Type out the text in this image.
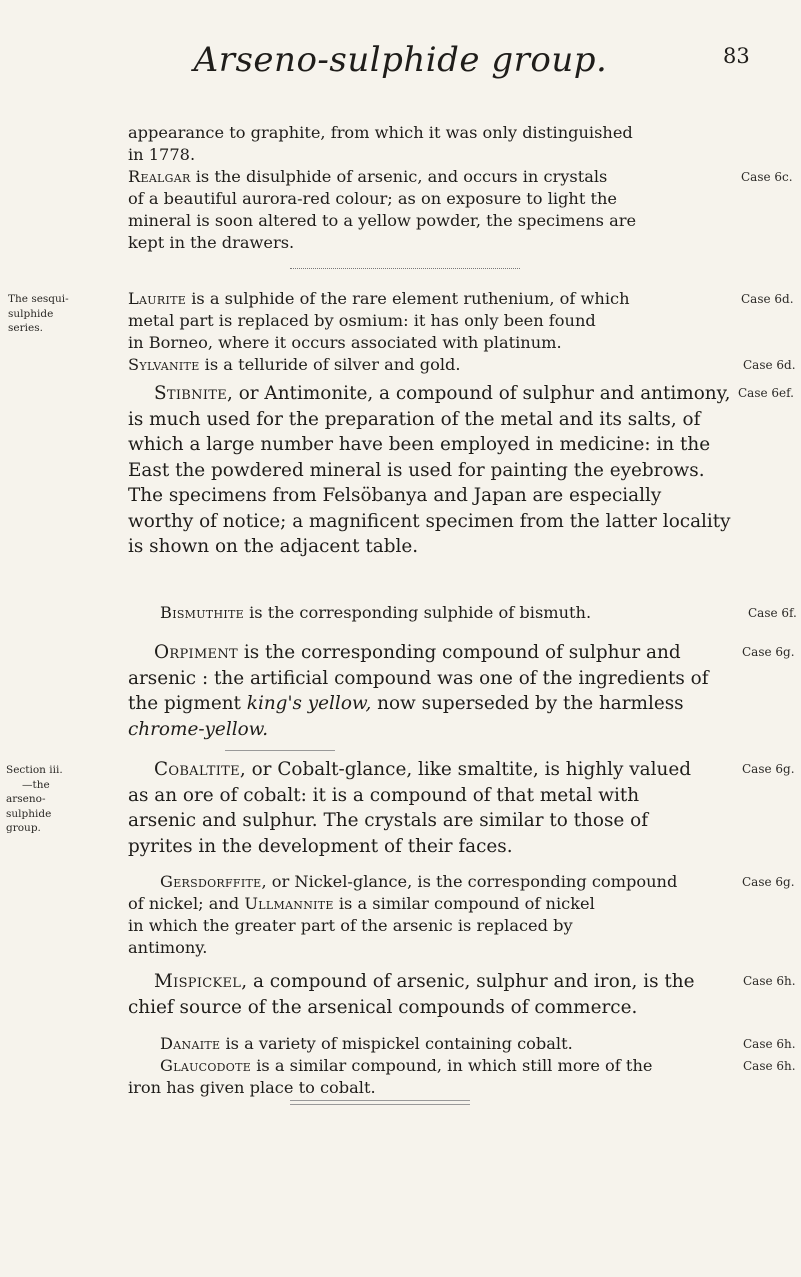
Arseno-sulphide group.	83
appearance to graphite, from which it was only distinguished
in 1778.
Realgar is the disulphide of arsenic, and occurs in crystals
of a beautiful aurora-red colour; as on exposure to light the
mineral is soon altered to a yellow powder, the specimens are
kept in the drawers.
Case 6c.
The sesqui-
sulphide
series.
Laurite is a sulphide of the rare element ruthenium, of which
metal part is replaced by osmium: it has only been found
in Borneo, where it occurs associated with platinum.
Sylvanite is a telluride of silver and gold.
Case 6d.
Case 6d.
Stibnite, or Antimonite, a compound of sulphur and antimony,
is much used for the preparation of the metal and its salts, of
which a large number have been employed in medicine: in the
East the powdered mineral is used for painting the eyebrows.
The specimens from Felsöbanya and Japan are especially
worthy of notice; a magnificent specimen from the latter locality
is shown on the adjacent table.
Case 6ef.
Bismuthite is the corresponding sulphide of bismuth.	Case 6f.
Orpiment is the corresponding compound of sulphur and
arsenic : the artificial compound was one of the ingredients of
the pigment king's yellow, now superseded by the harmless
chrome-yellow.
Case 6g.
Section iii.
—the
arseno-
sulphide
group.
Cobaltite, or Cobalt-glance, like smaltite, is highly valued
as an ore of cobalt: it is a compound of that metal with
arsenic and sulphur. The crystals are similar to those of
pyrites in the development of their faces.
Case 6g.
Gersdorffite, or Nickel-glance, is the corresponding compound
of nickel; and Ullmannite is a similar compound of nickel
in which the greater part of the arsenic is replaced by
antimony.
Case 6g.
Mispickel, a compound of arsenic, sulphur and iron, is the
chief source of the arsenical compounds of commerce.
Case 6h.
Danaite is a variety of mispickel containing cobalt.
Glaucodote is a similar compound, in which still more of the
iron has given place to cobalt.
Case 6h.
Case 6h.
